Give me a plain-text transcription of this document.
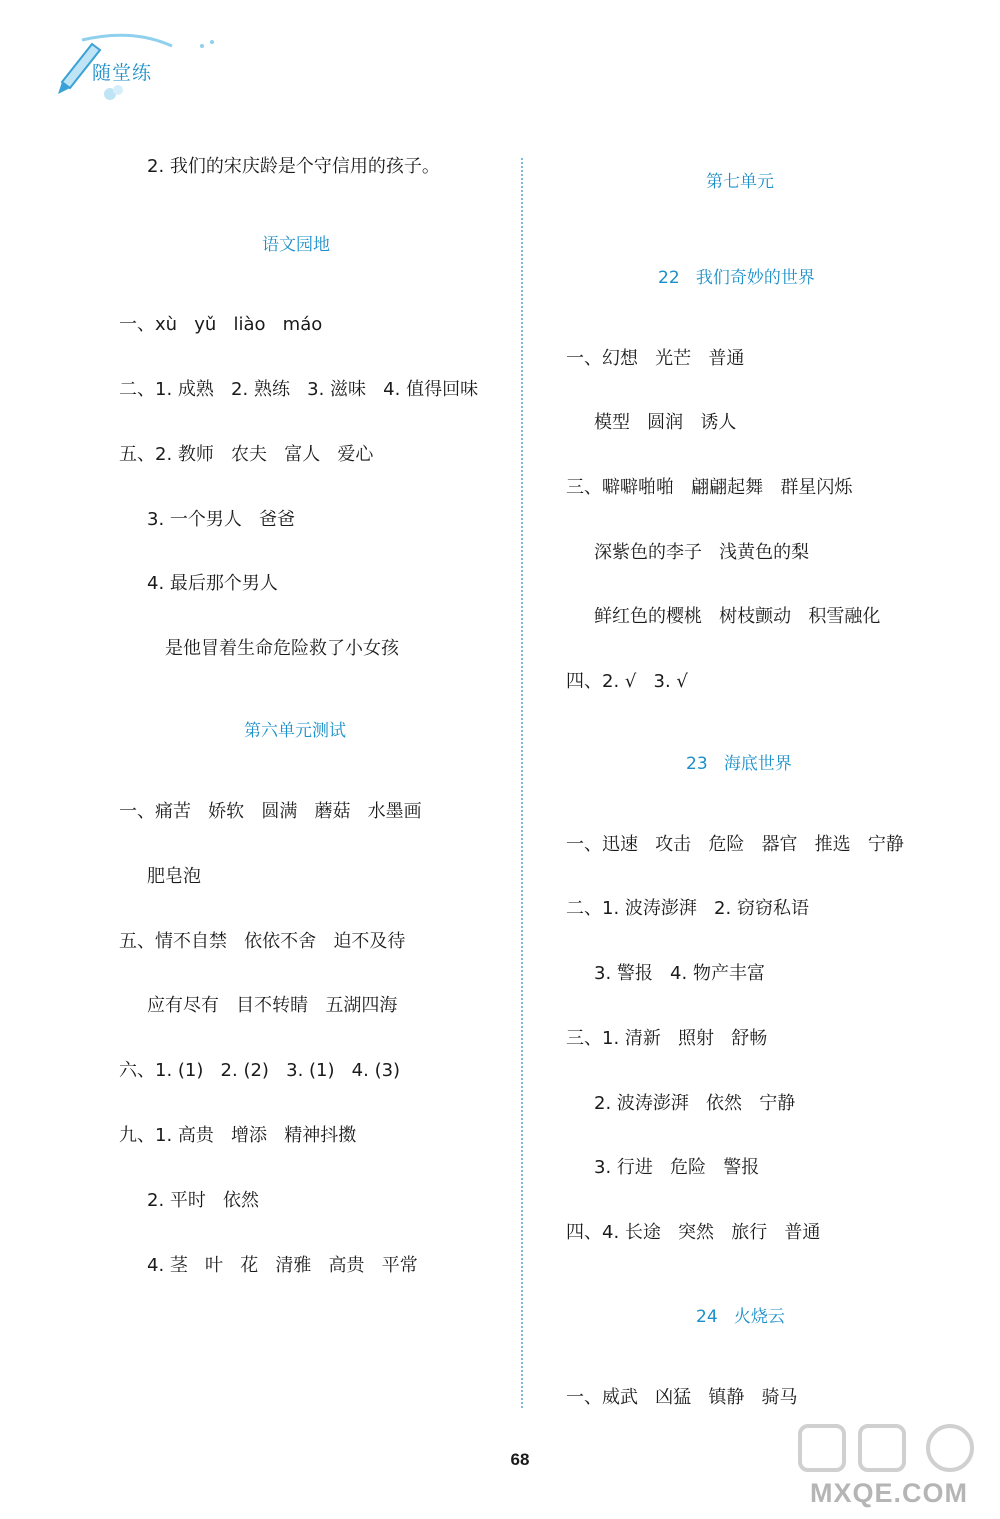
随堂练
2. 我们的宋庆龄是个守信用的孩子。
语文园地
一、xù   yǔ   liào   máo
二、1. 成熟   2. 熟练   3. 滋味   4. 值得回味
五、2. 教师   农夫   富人   爱心
3. 一个男人   爸爸
4. 最后那个男人
是他冒着生命危险救了小女孩
第六单元测试
一、痛苦   娇软   圆满   蘑菇   水墨画
肥皂泡
五、情不自禁   依依不舍   迫不及待
应有尽有   目不转睛   五湖四海
六、1. (1)   2. (2)   3. (1)   4. (3)
九、1. 高贵   增添   精神抖擞
2. 平时   依然
4. 茎   叶   花   清雅   高贵   平常
第七单元
22   我们奇妙的世界
一、幻想   光芒   普通
模型   圆润   诱人
三、噼噼啪啪   翩翩起舞   群星闪烁
深紫色的李子   浅黄色的梨
鲜红色的樱桃   树枝颤动   积雪融化
四、2. √   3. √
23   海底世界
一、迅速   攻击   危险   器官   推选   宁静
二、1. 波涛澎湃   2. 窃窃私语
3. 警报   4. 物产丰富
三、1. 清新   照射   舒畅
2. 波涛澎湃   依然   宁静
3. 行进   危险   警报
四、4. 长途   突然   旅行   普通
24   火烧云
一、威武   凶猛   镇静   骑马
68
MXQE.COM
